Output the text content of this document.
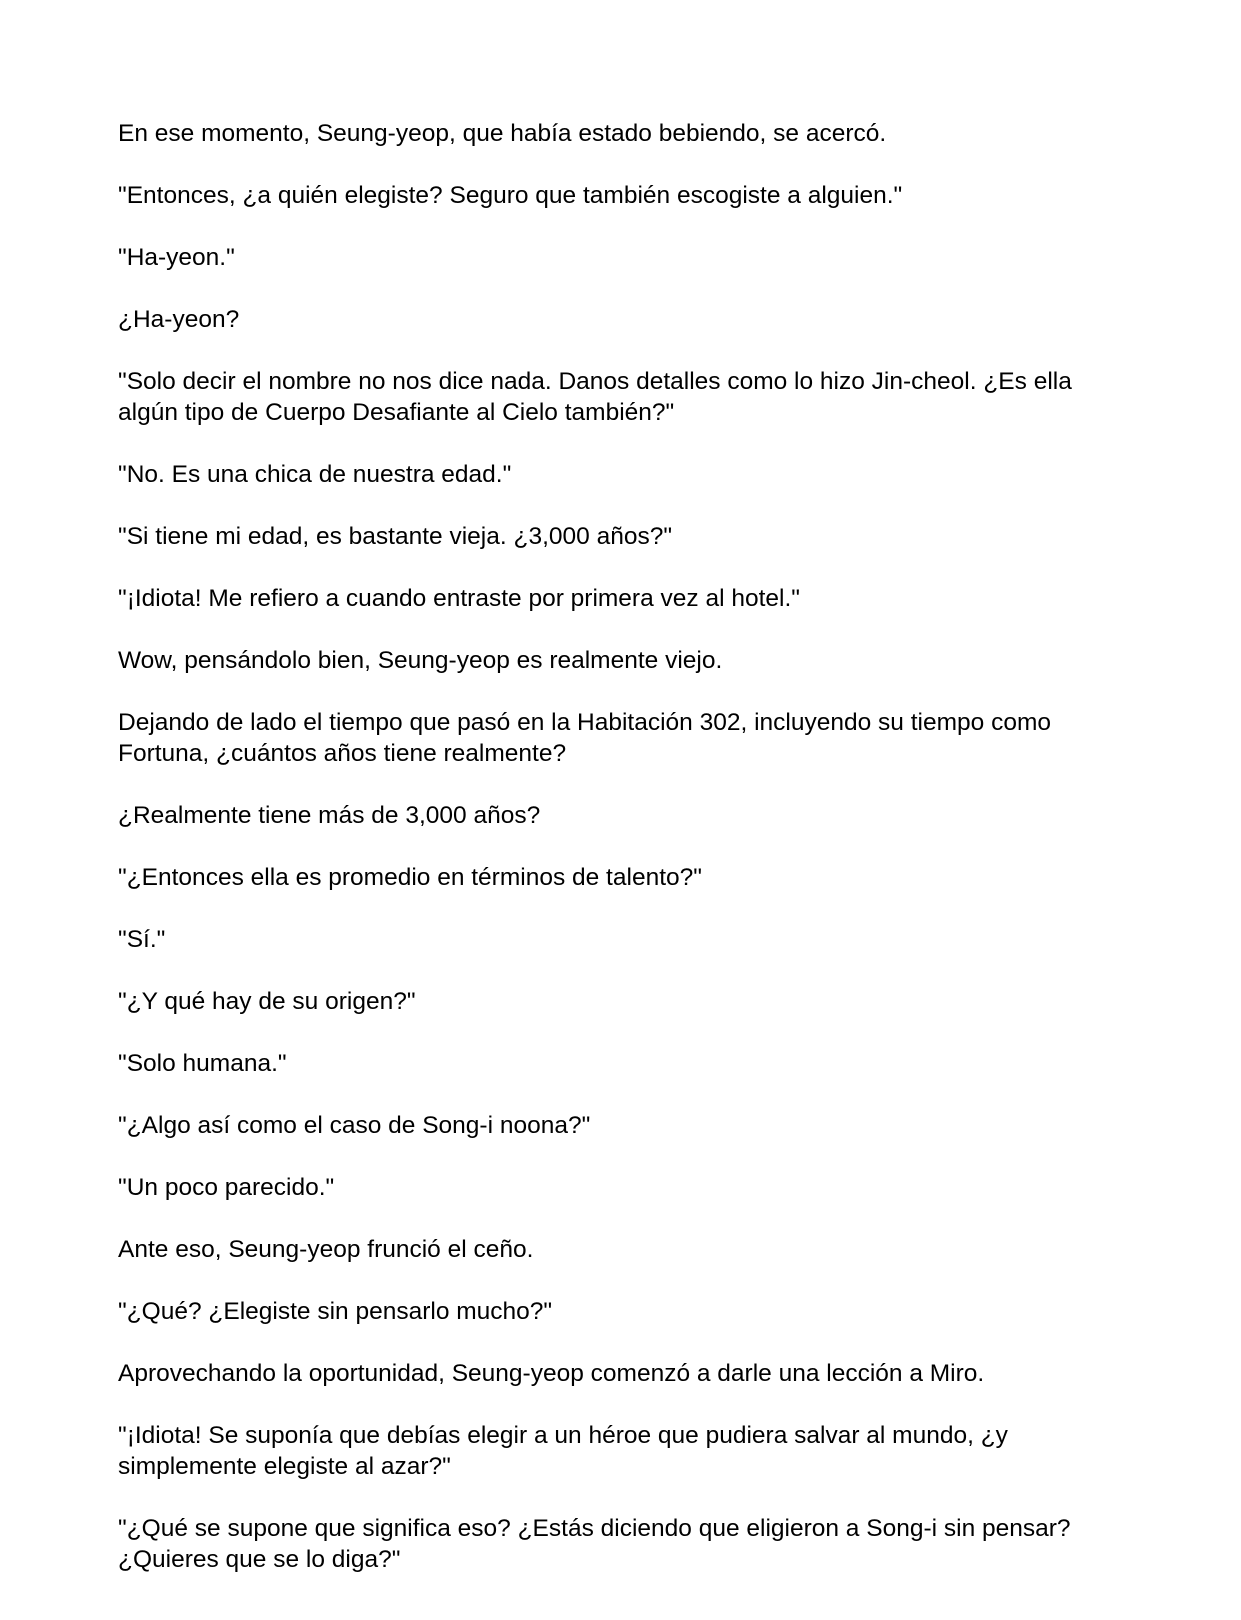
En ese momento, Seung-yeop, que había estado bebiendo, se acercó.

"Entonces, ¿a quién elegiste? Seguro que también escogiste a alguien."

"Ha-yeon."

¿Ha-yeon?

"Solo decir el nombre no nos dice nada. Danos detalles como lo hizo Jin-cheol. ¿Es ella algún tipo de Cuerpo Desafiante al Cielo también?"

"No. Es una chica de nuestra edad."

"Si tiene mi edad, es bastante vieja. ¿3,000 años?"

"¡Idiota! Me refiero a cuando entraste por primera vez al hotel."

Wow, pensándolo bien, Seung-yeop es realmente viejo.

Dejando de lado el tiempo que pasó en la Habitación 302, incluyendo su tiempo como Fortuna, ¿cuántos años tiene realmente?

¿Realmente tiene más de 3,000 años?

"¿Entonces ella es promedio en términos de talento?"

"Sí."

"¿Y qué hay de su origen?"

"Solo humana."

"¿Algo así como el caso de Song-i noona?"

"Un poco parecido."

Ante eso, Seung-yeop frunció el ceño.

"¿Qué? ¿Elegiste sin pensarlo mucho?"

Aprovechando la oportunidad, Seung-yeop comenzó a darle una lección a Miro.

"¡Idiota! Se suponía que debías elegir a un héroe que pudiera salvar al mundo, ¿y simplemente elegiste al azar?"

"¿Qué se supone que significa eso? ¿Estás diciendo que eligieron a Song-i sin pensar? ¿Quieres que se lo diga?"
